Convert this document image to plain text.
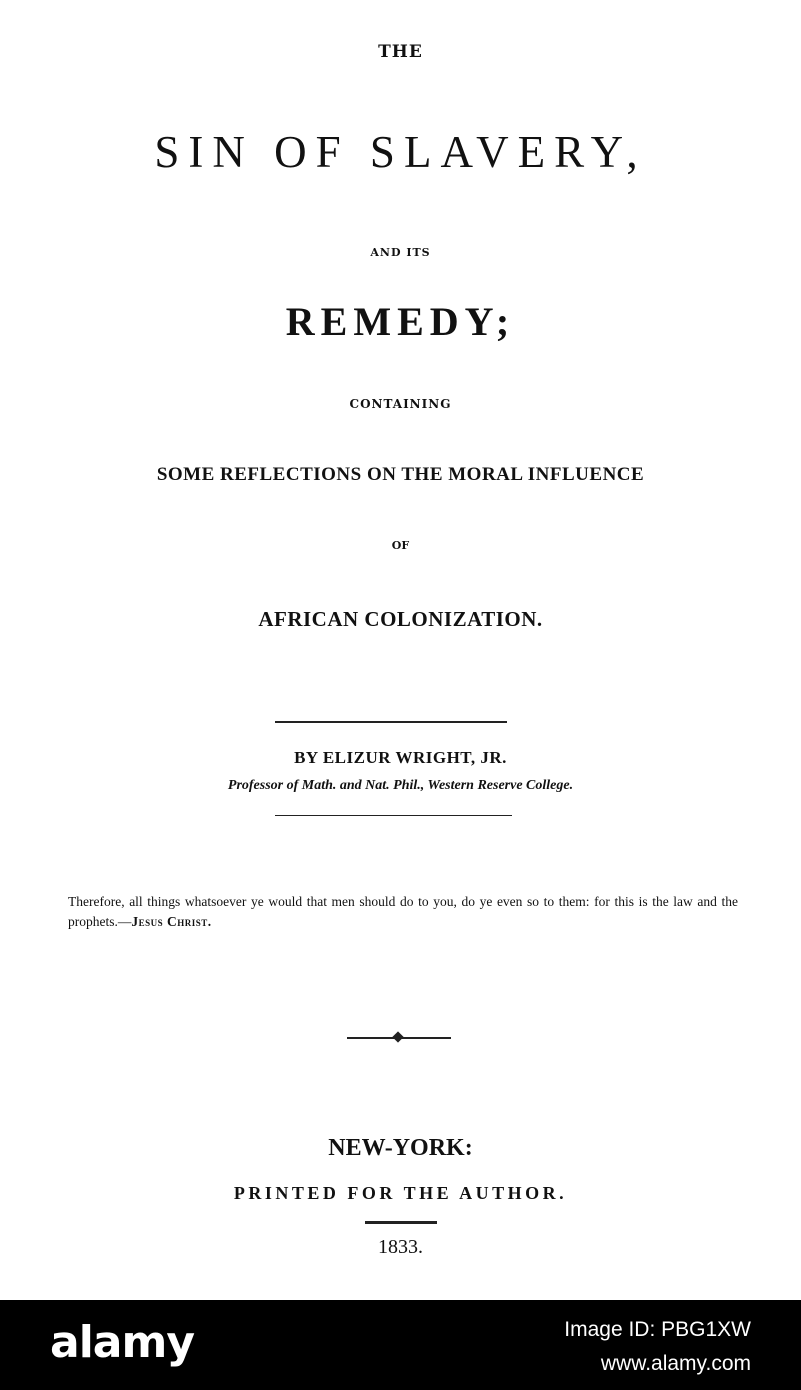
THE
SIN OF SLAVERY,
AND ITS
REMEDY;
CONTAINING
SOME REFLECTIONS ON THE MORAL INFLUENCE
OF
AFRICAN COLONIZATION.
BY ELIZUR WRIGHT, JR.
Professor of Math. and Nat. Phil., Western Reserve College.
Therefore, all things whatsoever ye would that men should do to you, do ye even so to them: for this is the law and the prophets.—Jesus Christ.
NEW-YORK:
PRINTED FOR THE AUTHOR.
1833.
alamy	Image ID: PBG1XW
www.alamy.com
